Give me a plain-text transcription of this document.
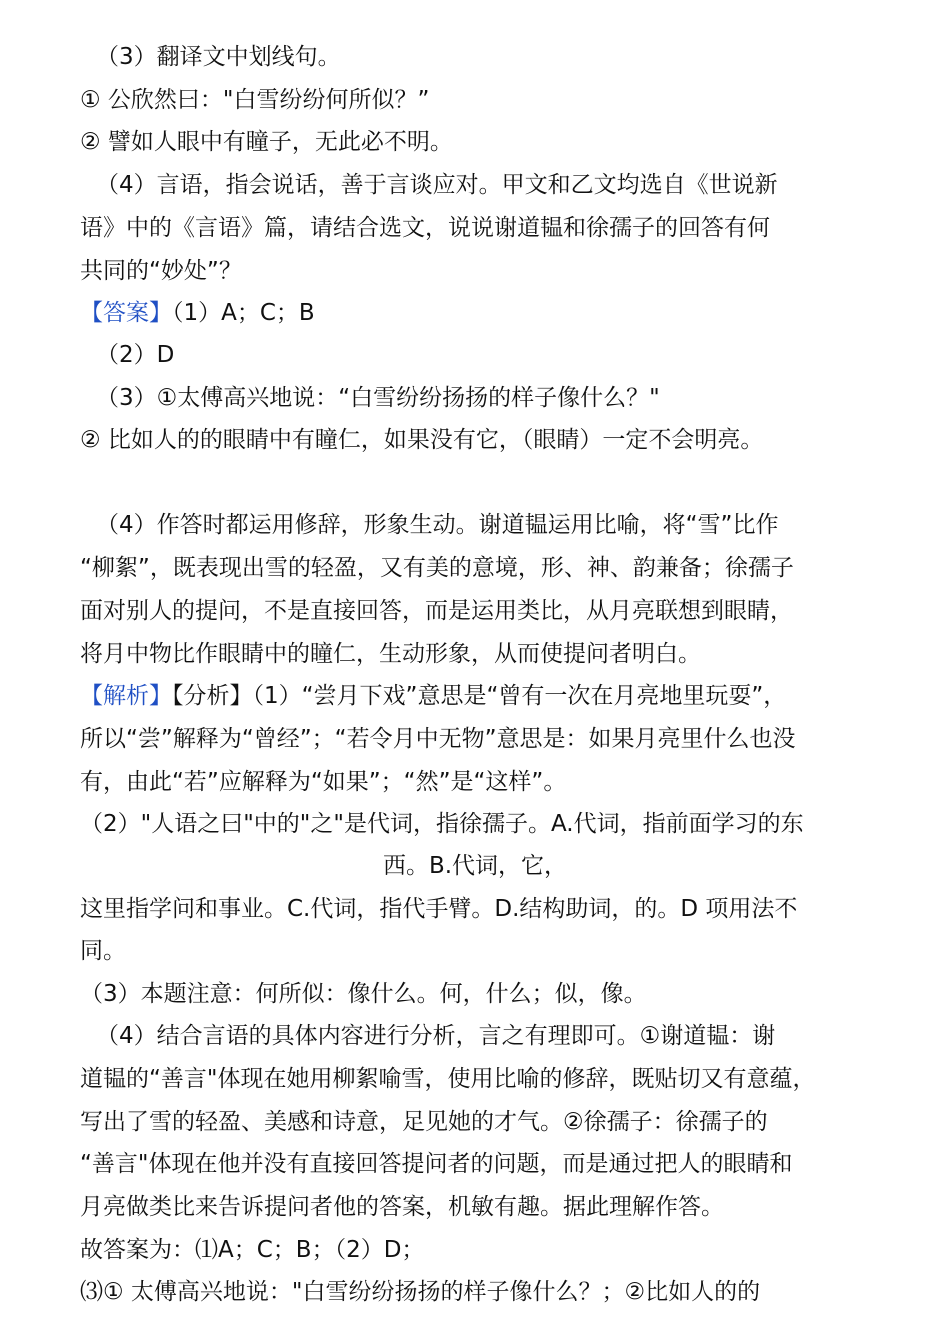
（3）翻译文中划线句。
① 公欣然曰："白雪纷纷何所似？”
② 譬如人眼中有瞳子，无此必不明。
（4）言语，指会说话，善于言谈应对。甲文和乙文均选自《世说新
语》中的《言语》篇，请结合选文，说说谢道韫和徐孺子的回答有何
共同的“妙处”？
【答案】（1）A；C；B
（2）D
（3）①太傅高兴地说：“白雪纷纷扬扬的样子像什么？"
② 比如人的的眼睛中有瞳仁，如果没有它，（眼睛）一定不会明亮。
（4）作答时都运用修辞，形象生动。谢道韫运用比喻，将“雪”比作
“柳絮”，既表现出雪的轻盈，又有美的意境，形、神、韵兼备；徐孺子
面对别人的提问，不是直接回答，而是运用类比，从月亮联想到眼睛，
将月中物比作眼睛中的瞳仁，生动形象，从而使提问者明白。
【解析】【分析】（1）“尝月下戏”意思是“曾有一次在月亮地里玩耍”，
所以“尝”解释为“曾经”；“若令月中无物”意思是：如果月亮里什么也没
有，由此“若”应解释为“如果”；“然”是“这样”。
（2）"人语之曰"中的"之"是代词，指徐孺子。A.代词，指前面学习的东
西。B.代词，它，
这里指学问和事业。C.代词，指代手臂。D.结构助词，的。D 项用法不
同。
（3）本题注意：何所似：像什么。何，什么；似，像。
（4）结合言语的具体内容进行分析，言之有理即可。①谢道韫：谢
道韫的“善言"体现在她用柳絮喻雪，使用比喻的修辞，既贴切又有意蕴，
写出了雪的轻盈、美感和诗意，足见她的才气。②徐孺子：徐孺子的
“善言"体现在他并没有直接回答提问者的问题，而是通过把人的眼睛和
月亮做类比来告诉提问者他的答案，机敏有趣。据此理解作答。
故答案为：⑴A；C；B；（2）D；
⑶① 太傅高兴地说："白雪纷纷扬扬的样子像什么？；②比如人的的
